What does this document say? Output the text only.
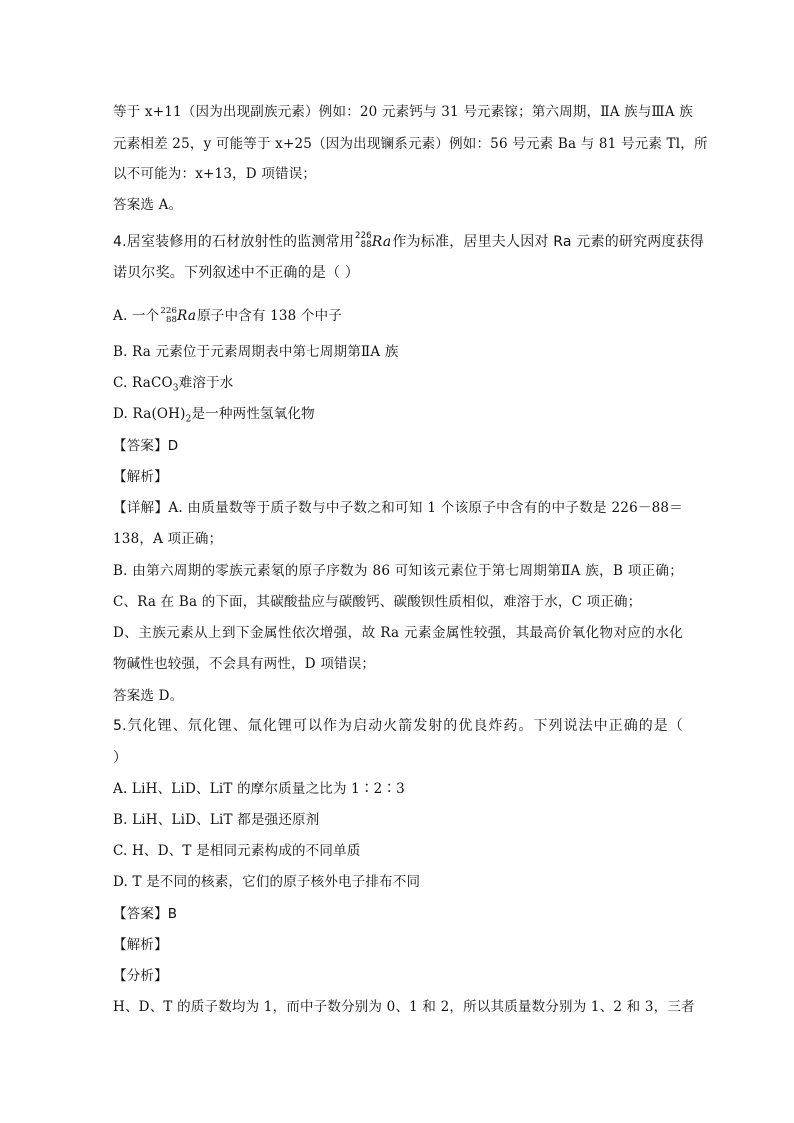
等于 x+11（因为出现副族元素）例如：20 元素钙与 31 号元素镓；第六周期，ⅡA 族与ⅢA 族
元素相差 25，y 可能等于 x+25（因为出现镧系元素）例如：56 号元素 Ba 与 81 号元素 Tl，所
以不可能为：x+13，D 项错误；
答案选 A。
4.居室装修用的石材放射性的监测常用 226
88 Ra作为标准，居里夫人因对 Ra 元素的研究两度获得
诺贝尔奖。下列叙述中不正确的是（ ）
A. 一个 226
88 Ra原子中含有 138 个中子
B. Ra 元素位于元素周期表中第七周期第ⅡA 族
C. RaCO$_3$难溶于水
D. $Ra(OH)_2$是一种两性氢氧化物
【答案】D
【解析】
【详解】A. 由质量数等于质子数与中子数之和可知 1 个该原子中含有的中子数是 226－88＝
138，A 项正确；
B. 由第六周期的零族元素氡的原子序数为 86 可知该元素位于第七周期第ⅡA 族，B 项正确；
C、Ra 在 Ba 的下面，其碳酸盐应与碳酸钙、碳酸钡性质相似，难溶于水，C 项正确；
D、主族元素从上到下金属性依次增强，故 Ra 元素金属性较强，其最高价氧化物对应的水化
物碱性也较强，不会具有两性，D 项错误；
答案选 D。
5.氕化锂、氘化锂、氚化锂可以作为启动火箭发射的优良炸药。下列说法中正确的是（
）
A. LiH、LiD、LiT 的摩尔质量之比为 1∶2∶3
B. LiH、LiD、LiT 都是强还原剂
C. H、D、T 是相同元素构成的不同单质
D. T 是不同的核素，它们的原子核外电子排布不同
【答案】B
【解析】
【分析】
H、D、T 的质子数均为 1，而中子数分别为 0、1 和 2，所以其质量数分别为 1、2 和 3，三者
